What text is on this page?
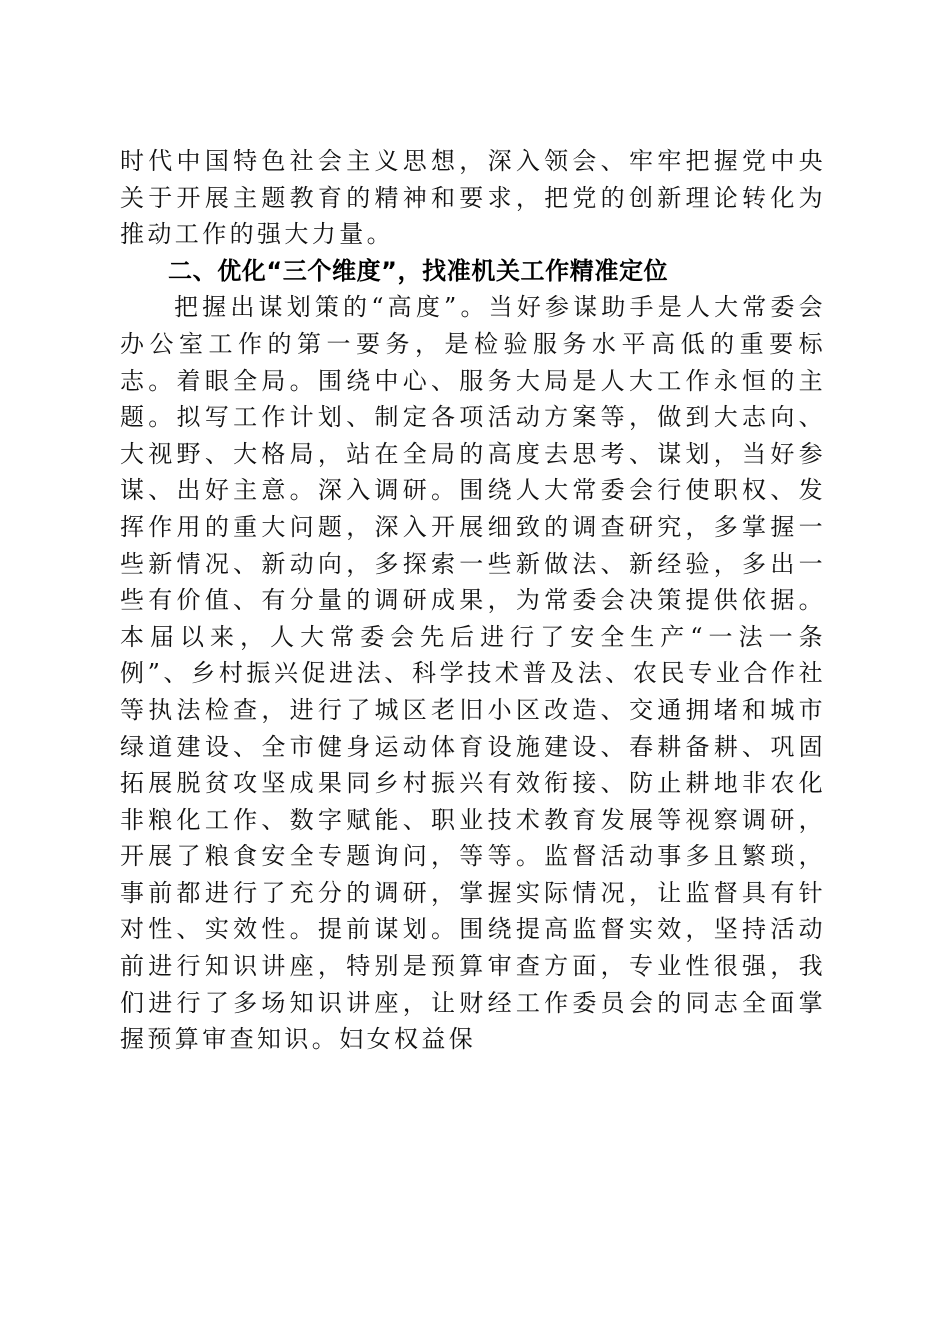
时代中国特色社会主义思想，深入领会、牢牢把握党中央关于开展主题教育的精神和要求，把党的创新理论转化为推动工作的强大力量。

二、优化“三个维度”，找准机关工作精准定位

把握出谋划策的“高度”。当好参谋助手是人大常委会办公室工作的第一要务，是检验服务水平高低的重要标志。着眼全局。围绕中心、服务大局是人大工作永恒的主题。拟写工作计划、制定各项活动方案等，做到大志向、大视野、大格局，站在全局的高度去思考、谋划，当好参谋、出好主意。深入调研。围绕人大常委会行使职权、发挥作用的重大问题，深入开展细致的调查研究，多掌握一些新情况、新动向，多探索一些新做法、新经验，多出一些有价值、有分量的调研成果，为常委会决策提供依据。本届以来，人大常委会先后进行了安全生产“一法一条例”、乡村振兴促进法、科学技术普及法、农民专业合作社等执法检查，进行了城区老旧小区改造、交通拥堵和城市绿道建设、全市健身运动体育设施建设、春耕备耕、巩固拓展脱贫攻坚成果同乡村振兴有效衔接、防止耕地非农化非粮化工作、数字赋能、职业技术教育发展等视察调研，开展了粮食安全专题询问，等等。监督活动事多且繁琐，事前都进行了充分的调研，掌握实际情况，让监督具有针对性、实效性。提前谋划。围绕提高监督实效，坚持活动前进行知识讲座，特别是预算审查方面，专业性很强，我们进行了多场知识讲座，让财经工作委员会的同志全面掌握预算审查知识。妇女权益保
